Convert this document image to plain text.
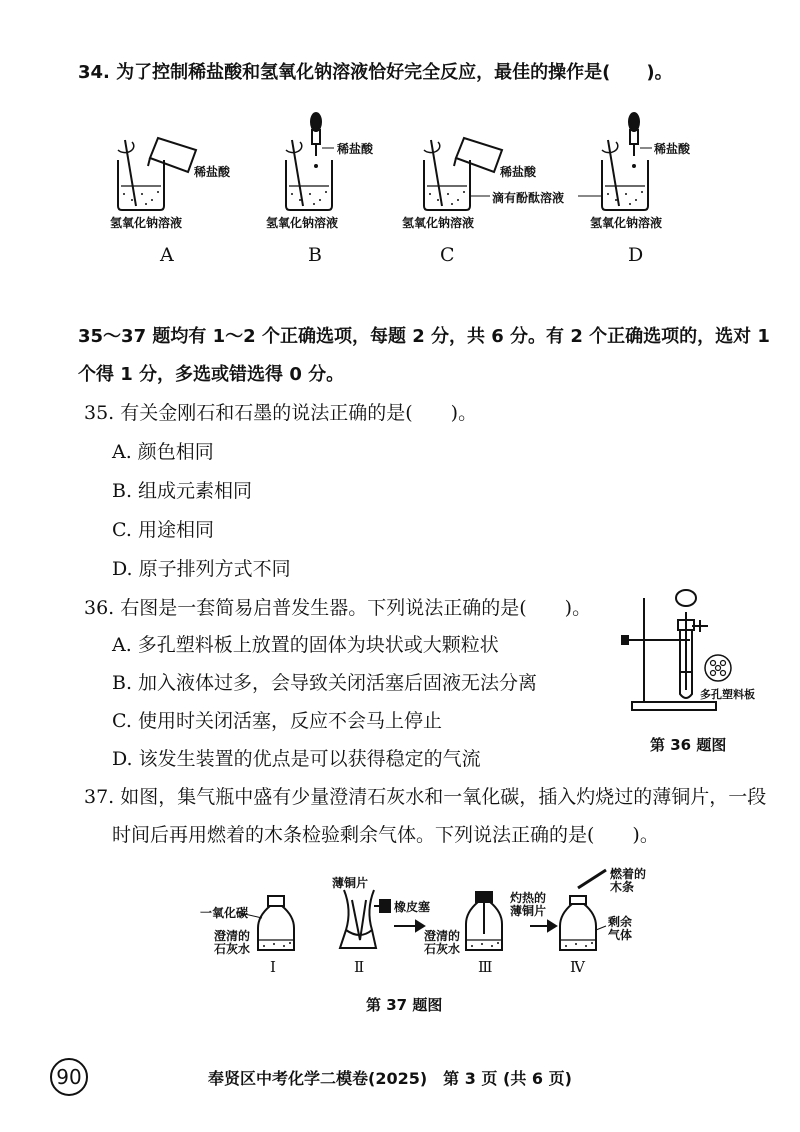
34. 为了控制稀盐酸和氢氧化钠溶液恰好完全反应，最佳的操作是(　　)。
稀盐酸
氢氧化钠溶液
A
稀盐酸
氢氧化钠溶液
B
稀盐酸
滴有酚酞溶液
氢氧化钠溶液
C
稀盐酸
氢氧化钠溶液
D
35～37 题均有 1～2 个正确选项，每题 2 分，共 6 分。有 2 个正确选项的，选对 1
个得 1 分，多选或错选得 0 分。
35. 有关金刚石和石墨的说法正确的是(　　)。
A. 颜色相同
B. 组成元素相同
C. 用途相同
D. 原子排列方式不同
36. 右图是一套简易启普发生器。下列说法正确的是(　　)。
A. 多孔塑料板上放置的固体为块状或大颗粒状
B. 加入液体过多，会导致关闭活塞后固液无法分离
C. 使用时关闭活塞，反应不会马上停止
D. 该发生装置的优点是可以获得稳定的气流
多孔塑料板
第 36 题图
37. 如图，集气瓶中盛有少量澄清石灰水和一氧化碳，插入灼烧过的薄铜片，一段
时间后再用燃着的木条检验剩余气体。下列说法正确的是(　　)。
一氧化碳
澄清的
石灰水
薄铜片
橡皮塞
澄清的
石灰水
灼热的
薄铜片
燃着的
木条
剩余
气体
Ⅰ	Ⅱ	Ⅲ	Ⅳ
第 37 题图
90	奉贤区中考化学二模卷(2025)　第 3 页 (共 6 页)
